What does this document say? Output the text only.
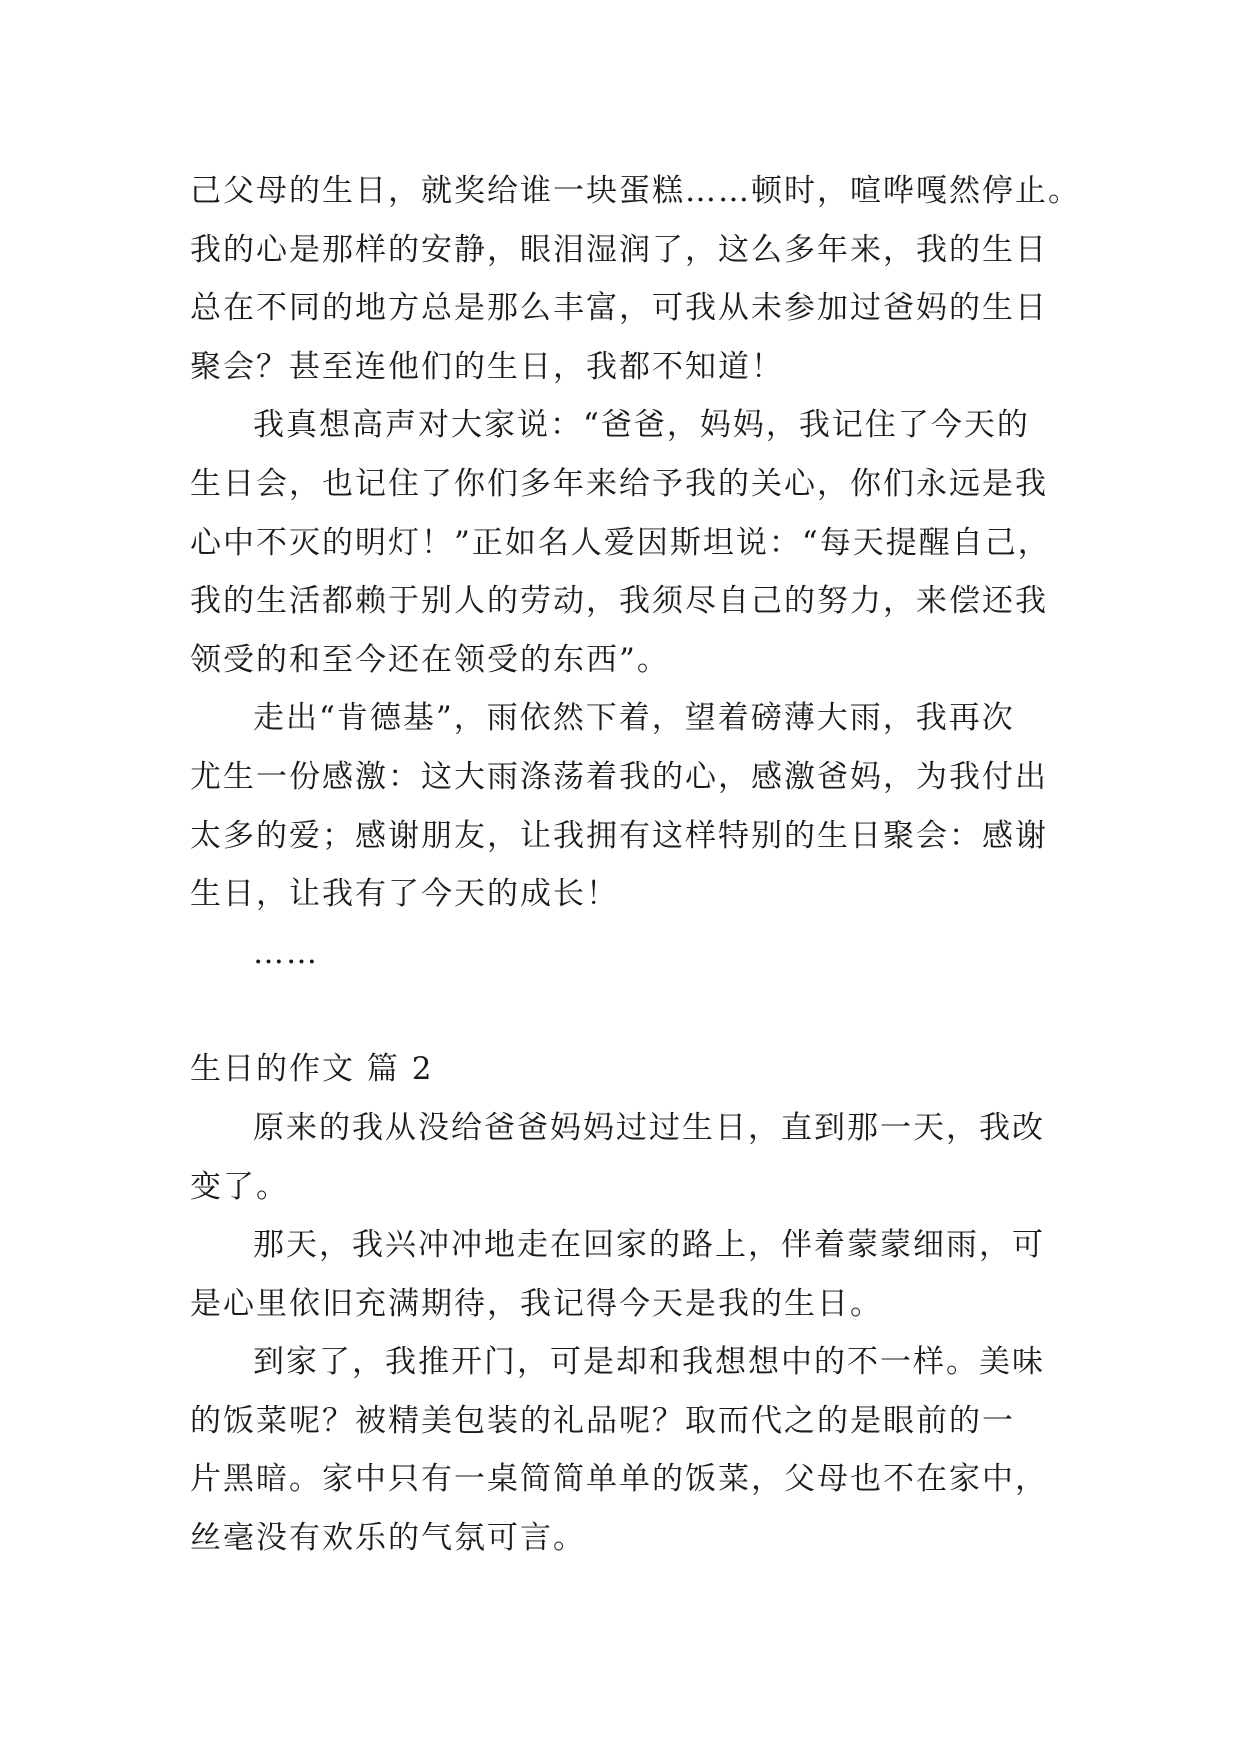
己父母的生日，就奖给谁一块蛋糕……顿时，喧哗嘎然停止。
我的心是那样的安静，眼泪湿润了，这么多年来，我的生日
总在不同的地方总是那么丰富，可我从未参加过爸妈的生日
聚会？甚至连他们的生日，我都不知道！
我真想高声对大家说：“爸爸，妈妈，我记住了今天的
生日会，也记住了你们多年来给予我的关心，你们永远是我
心中不灭的明灯！”正如名人爱因斯坦说：“每天提醒自己，
我的生活都赖于别人的劳动，我须尽自己的努力，来偿还我
领受的和至今还在领受的东西”。
走出“肯德基”，雨依然下着，望着磅薄大雨，我再次
尤生一份感激：这大雨涤荡着我的心，感激爸妈，为我付出
太多的爱；感谢朋友，让我拥有这样特别的生日聚会：感谢
生日，让我有了今天的成长！
……
生日的作文 篇 2
原来的我从没给爸爸妈妈过过生日，直到那一天，我改
变了。
那天，我兴冲冲地走在回家的路上，伴着蒙蒙细雨，可
是心里依旧充满期待，我记得今天是我的生日。
到家了，我推开门，可是却和我想想中的不一样。美味
的饭菜呢？被精美包装的礼品呢？取而代之的是眼前的一
片黑暗。家中只有一桌简简单单的饭菜，父母也不在家中，
丝毫没有欢乐的气氛可言。
